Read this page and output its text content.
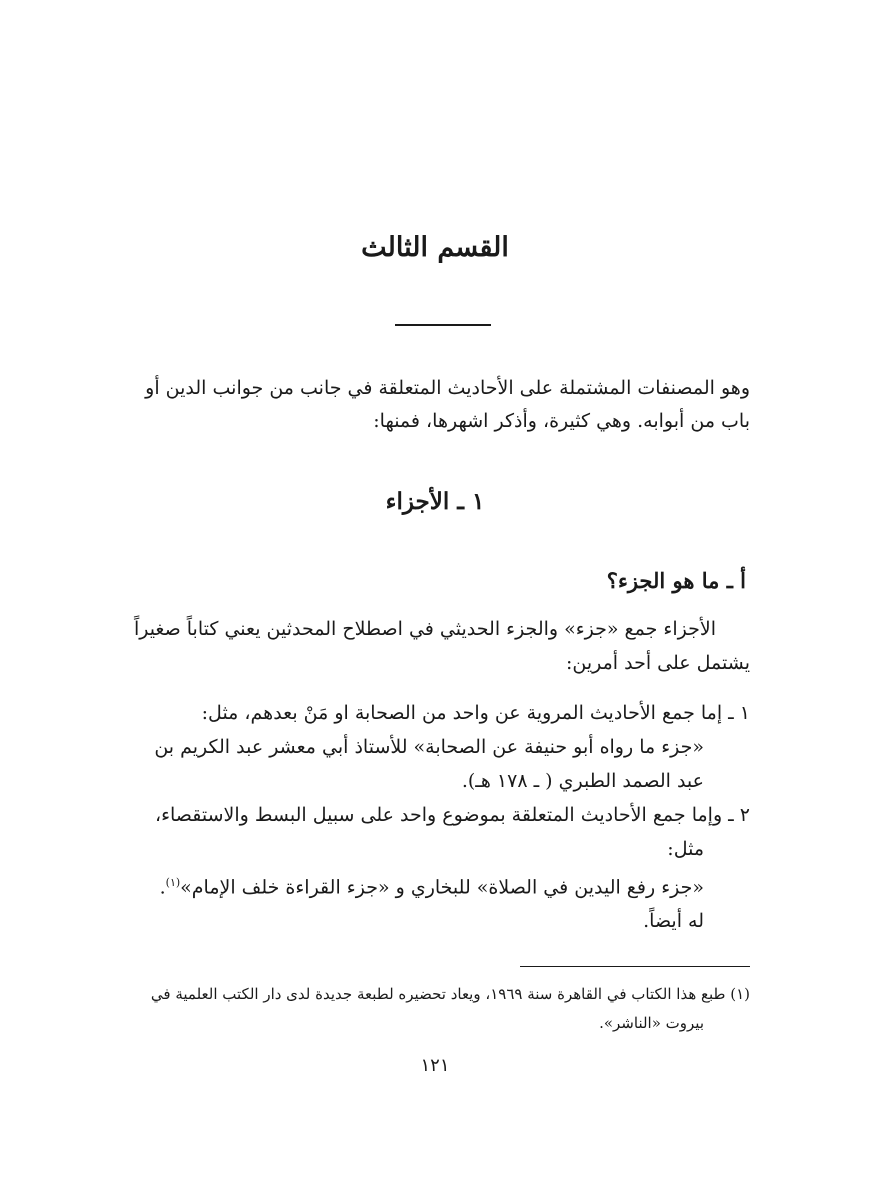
القسم الثالث

وهو المصنفات المشتملة على الأحاديث المتعلقة في جانب من جوانب الدين أو

باب من أبوابه. وهي كثيرة، وأذكر اشهرها، فمنها:

١ ـ الأجزاء
أ ـ ما هو الجزء؟

الأجزاء جمع «جزء» والجزء الحديثي في اصطلاح المحدثين يعني كتاباً صغيراً

يشتمل على أحد أمرين:

١ ـ إما جمع الأحاديث المروية عن واحد من الصحابة او مَنْ بعدهم، مثل:

«جزء ما رواه أبو حنيفة عن الصحابة» للأستاذ أبي معشر عبد الكريم بن

عبد الصمد الطبري ( ـ ١٧٨ هـ).

٢ ـ وإما جمع الأحاديث المتعلقة بموضوع واحد على سبيل البسط والاستقصاء،

مثل:

«جزء رفع اليدين في الصلاة» للبخاري و «جزء القراءة خلف الإمام»$^{(١)}$.

له أيضاً.

(١) طبع هذا الكتاب في القاهرة سنة ١٩٦٩، ويعاد تحضيره لطبعة جديدة لدى دار الكتب العلمية في

بيروت «الناشر».

١٢١
